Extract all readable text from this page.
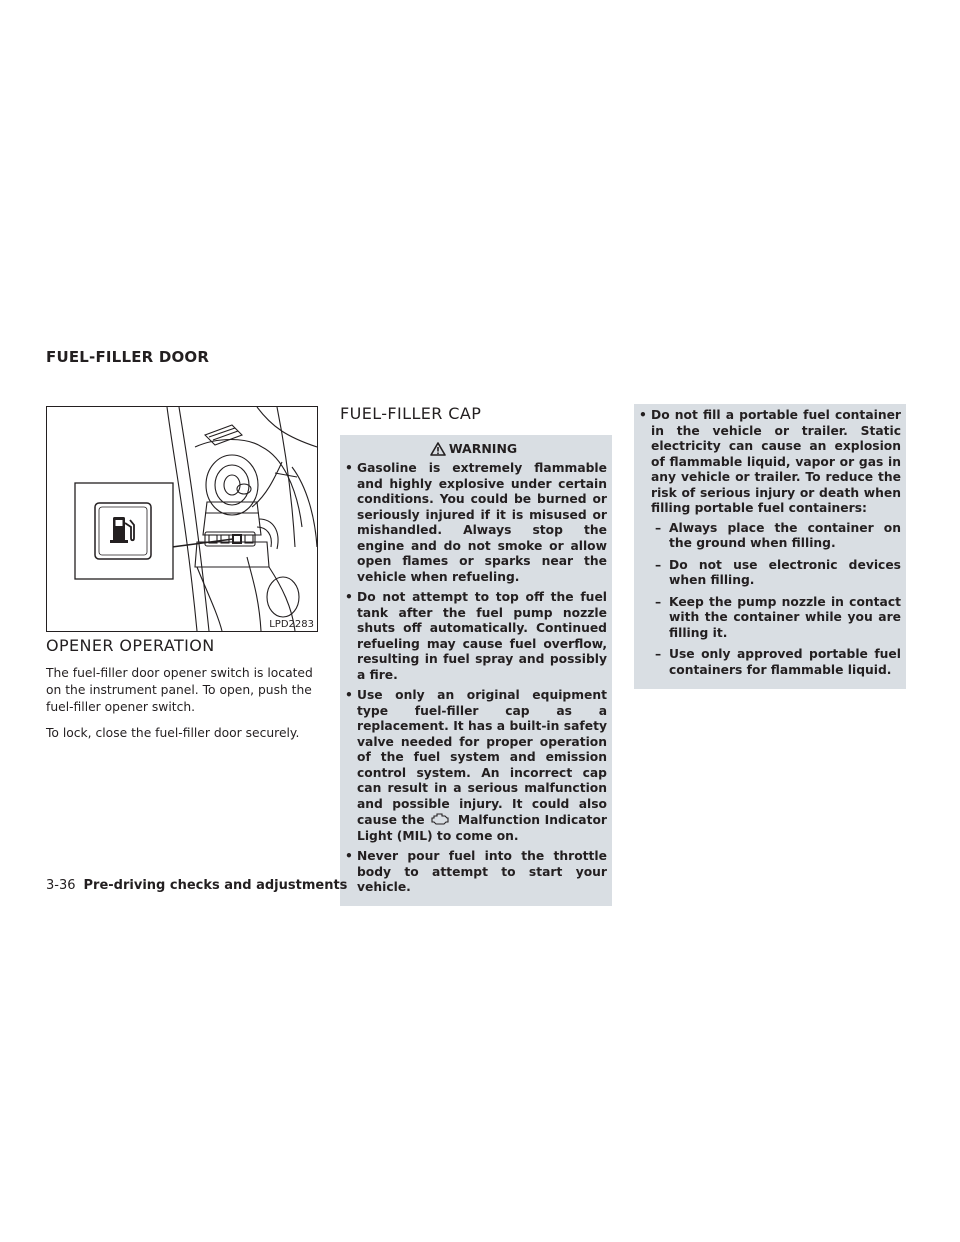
FUEL-FILLER DOOR
LPD2283
OPENER OPERATION

The fuel-filler door opener switch is located on the instrument panel. To open, push the fuel-filler opener switch.

To lock, close the fuel-filler door securely.

FUEL-FILLER CAP
WARNING
• Gasoline is extremely flammable and highly explosive under certain conditions. You could be burned or seriously injured if it is misused or mishandled. Always stop the engine and do not smoke or allow open flames or sparks near the vehicle when refueling.
• Do not attempt to top off the fuel tank after the fuel pump nozzle shuts off automatically. Continued refueling may cause fuel overflow, resulting in fuel spray and possibly a fire.
• Use only an original equipment type fuel-filler cap as a replacement. It has a built-in safety valve needed for proper operation of the fuel system and emission control system. An incorrect cap can result in a serious malfunction and possible injury. It could also cause the	Malfunction Indicator Light (MIL) to come on.
• Never pour fuel into the throttle body to attempt to start your vehicle.
• Do not fill a portable fuel container in the vehicle or trailer. Static electricity can cause an explosion of flammable liquid, vapor or gas in any vehicle or trailer. To reduce the risk of serious injury or death when filling portable fuel containers:
– Always place the container on the ground when filling.
– Do not use electronic devices when filling.
– Keep the pump nozzle in contact with the container while you are filling it.
– Use only approved portable fuel containers for flammable liquid.
3-36 Pre-driving checks and adjustments
